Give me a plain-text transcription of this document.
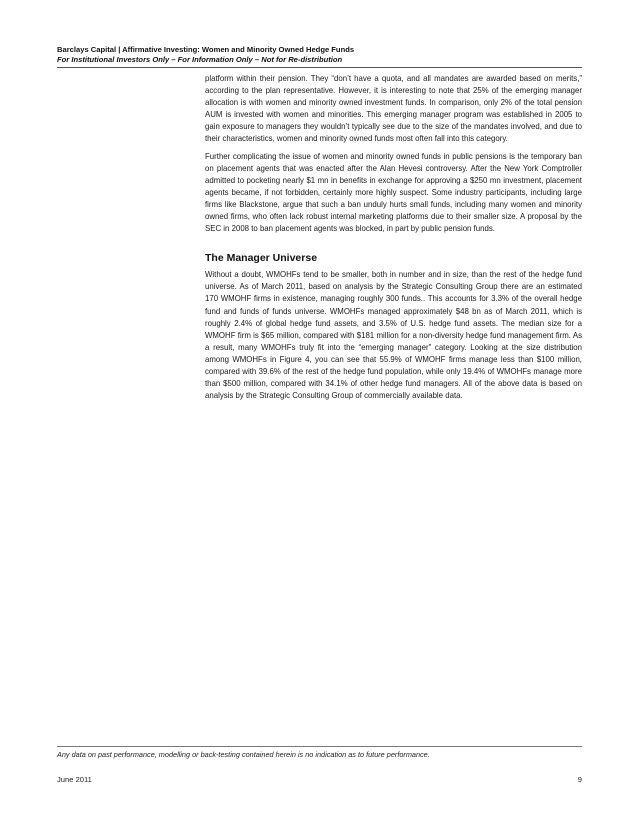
Barclays Capital | Affirmative Investing: Women and Minority Owned Hedge Funds
For Institutional Investors Only – For Information Only – Not for Re-distribution

platform within their pension. They “don’t have a quota, and all mandates are awarded based on merits,” according to the plan representative. However, it is interesting to note that 25% of the emerging manager allocation is with women and minority owned investment funds. In comparison, only 2% of the total pension AUM is invested with women and minorities. This emerging manager program was established in 2005 to gain exposure to managers they wouldn’t typically see due to the size of the mandates involved, and due to their characteristics, women and minority owned funds most often fall into this category.

Further complicating the issue of women and minority owned funds in public pensions is the temporary ban on placement agents that was enacted after the Alan Hevesi controversy. After the New York Comptroller admitted to pocketing nearly $1 mn in benefits in exchange for approving a $250 mn investment, placement agents became, if not forbidden, certainly more highly suspect. Some industry participants, including large firms like Blackstone, argue that such a ban unduly hurts small funds, including many women and minority owned firms, who often lack robust internal marketing platforms due to their smaller size. A proposal by the SEC in 2008 to ban placement agents was blocked, in part by public pension funds.

The Manager Universe

Without a doubt, WMOHFs tend to be smaller, both in number and in size, than the rest of the hedge fund universe. As of March 2011, based on analysis by the Strategic Consulting Group there are an estimated 170 WMOHF firms in existence, managing roughly 300 funds.. This accounts for 3.3% of the overall hedge fund and funds of funds universe. WMOHFs managed approximately $48 bn as of March 2011, which is roughly 2.4% of global hedge fund assets, and 3.5% of U.S. hedge fund assets. The median size for a WMOHF firm is $65 million, compared with $181 million for a non-diversity hedge fund management firm. As a result, many WMOHFs truly fit into the “emerging manager” category. Looking at the size distribution among WMOHFs in Figure 4, you can see that 55.9% of WMOHF firms manage less than $100 million, compared with 39.6% of the rest of the hedge fund population, while only 19.4% of WMOHFs manage more than $500 million, compared with 34.1% of other hedge fund managers. All of the above data is based on analysis by the Strategic Consulting Group of commercially available data.

Any data on past performance, modelling or back-testing contained herein is no indication as to future performance.
June 2011	9
